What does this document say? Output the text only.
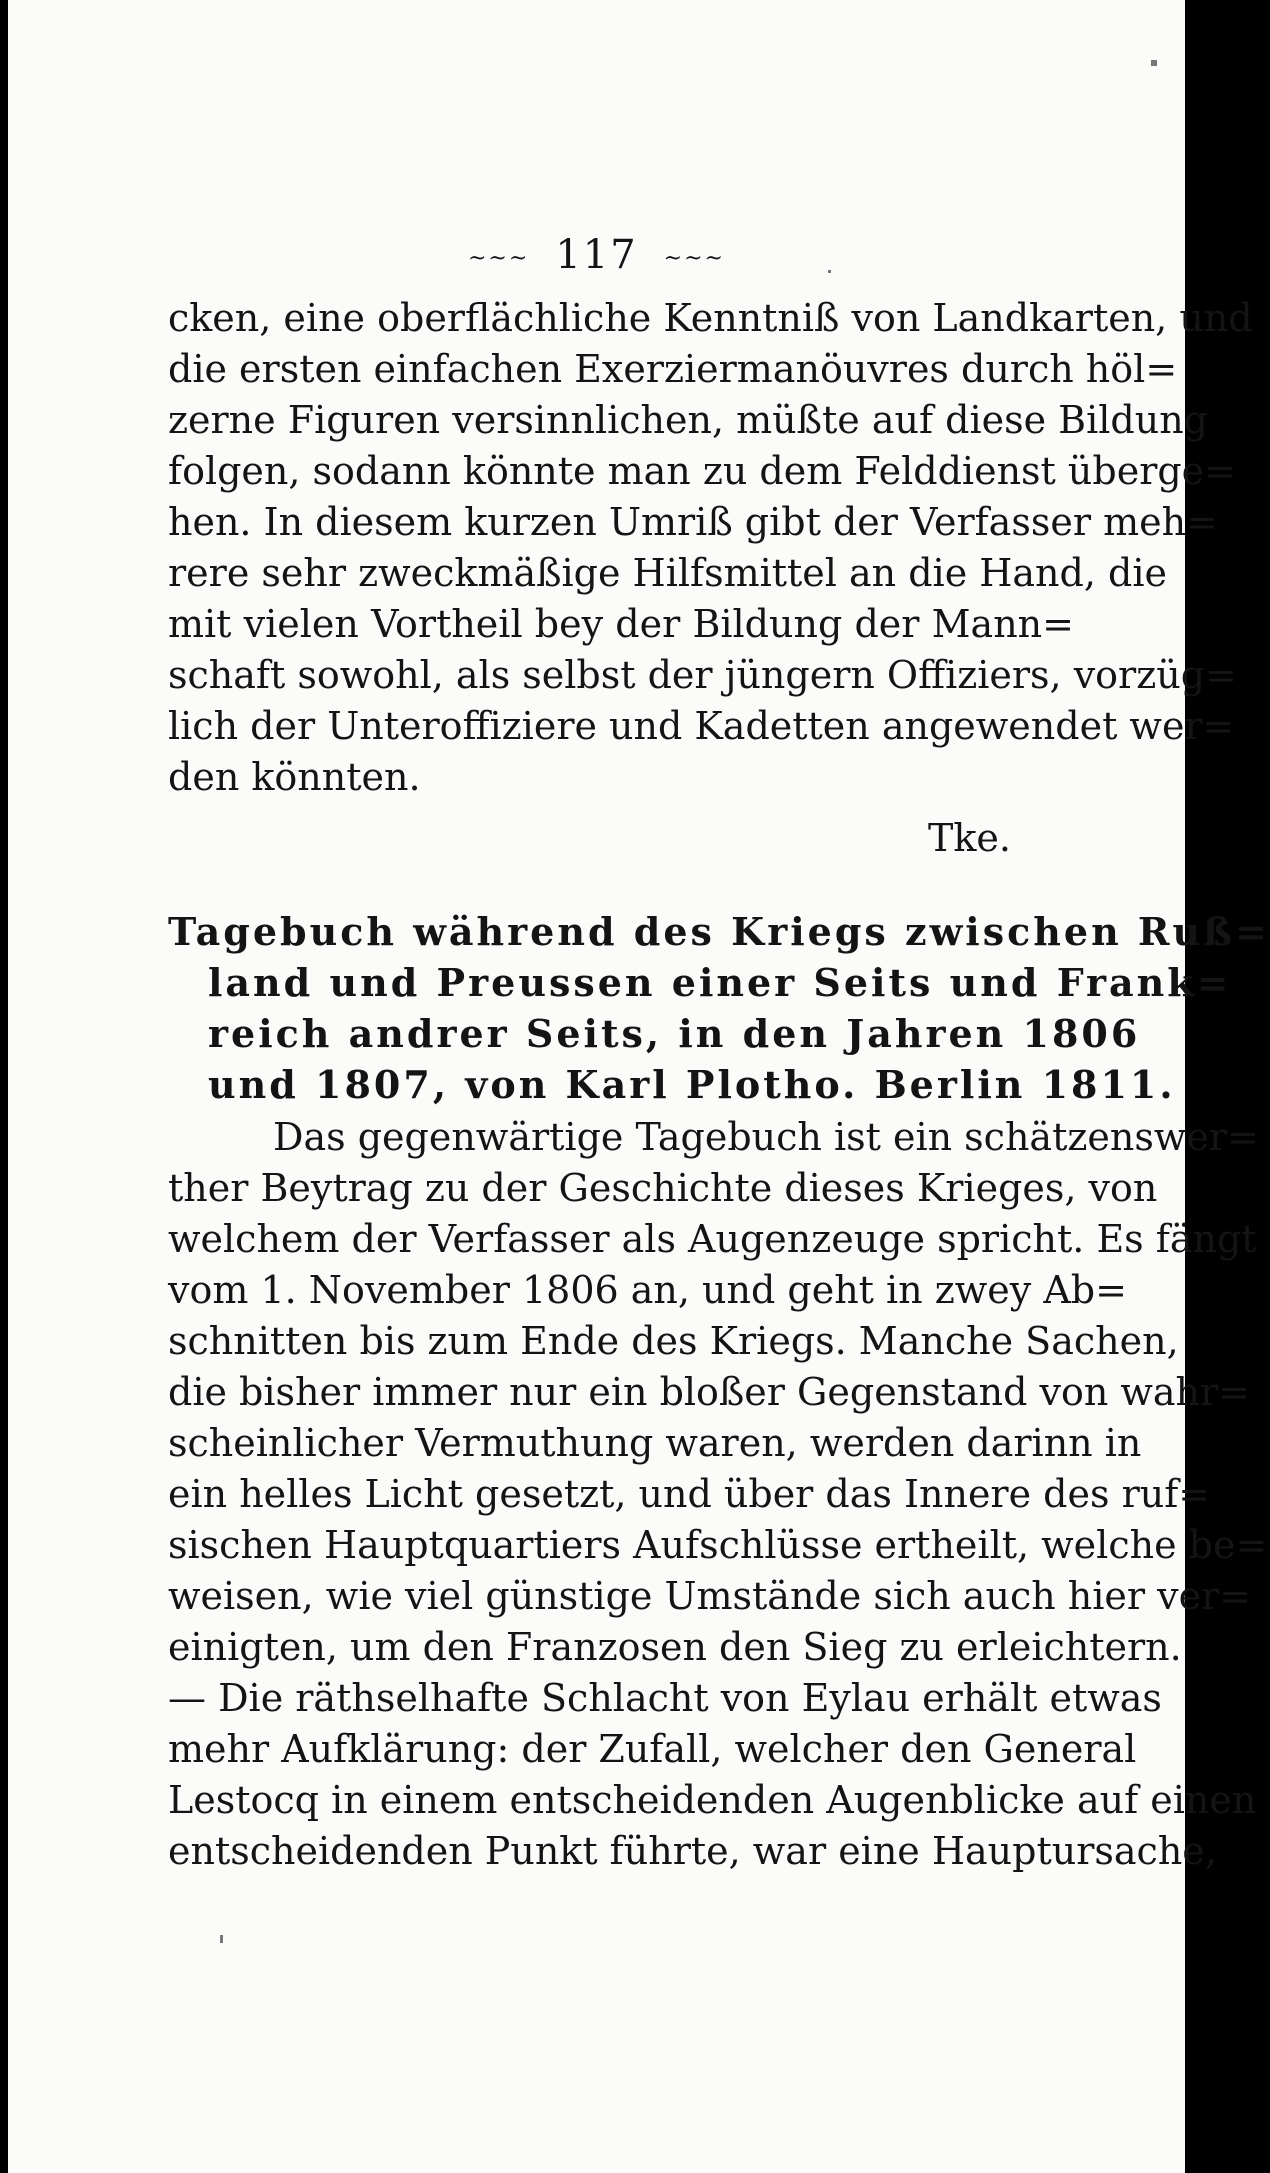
~~~ 117 ~~~
cken, eine oberflächliche Kenntniß von Landkarten, und
die ersten einfachen Exerziermanöuvres durch höl=
zerne Figuren versinnlichen, müßte auf diese Bildung
folgen, sodann könnte man zu dem Felddienst überge=
hen. In diesem kurzen Umriß gibt der Verfasser meh=
rere sehr zweckmäßige Hilfsmittel an die Hand, die
mit vielen Vortheil bey der Bildung der Mann=
schaft sowohl, als selbst der jüngern Offiziers, vorzüg=
lich der Unteroffiziere und Kadetten angewendet wer=
den könnten.
Tke.
Tagebuch während des Kriegs zwischen Ruß=
land und Preussen einer Seits und Frank=
reich andrer Seits, in den Jahren 1806
und 1807, von Karl Plotho. Berlin 1811.
Das gegenwärtige Tagebuch ist ein schätzenswer=
ther Beytrag zu der Geschichte dieses Krieges, von
welchem der Verfasser als Augenzeuge spricht. Es fängt
vom 1. November 1806 an, und geht in zwey Ab=
schnitten bis zum Ende des Kriegs. Manche Sachen,
die bisher immer nur ein bloßer Gegenstand von wahr=
scheinlicher Vermuthung waren, werden darinn in
ein helles Licht gesetzt, und über das Innere des ruf=
sischen Hauptquartiers Aufschlüsse ertheilt, welche be=
weisen, wie viel günstige Umstände sich auch hier ver=
einigten, um den Franzosen den Sieg zu erleichtern.
— Die räthselhafte Schlacht von Eylau erhält etwas
mehr Aufklärung: der Zufall, welcher den General
Lestocq in einem entscheidenden Augenblicke auf einen
entscheidenden Punkt führte, war eine Hauptursache,
